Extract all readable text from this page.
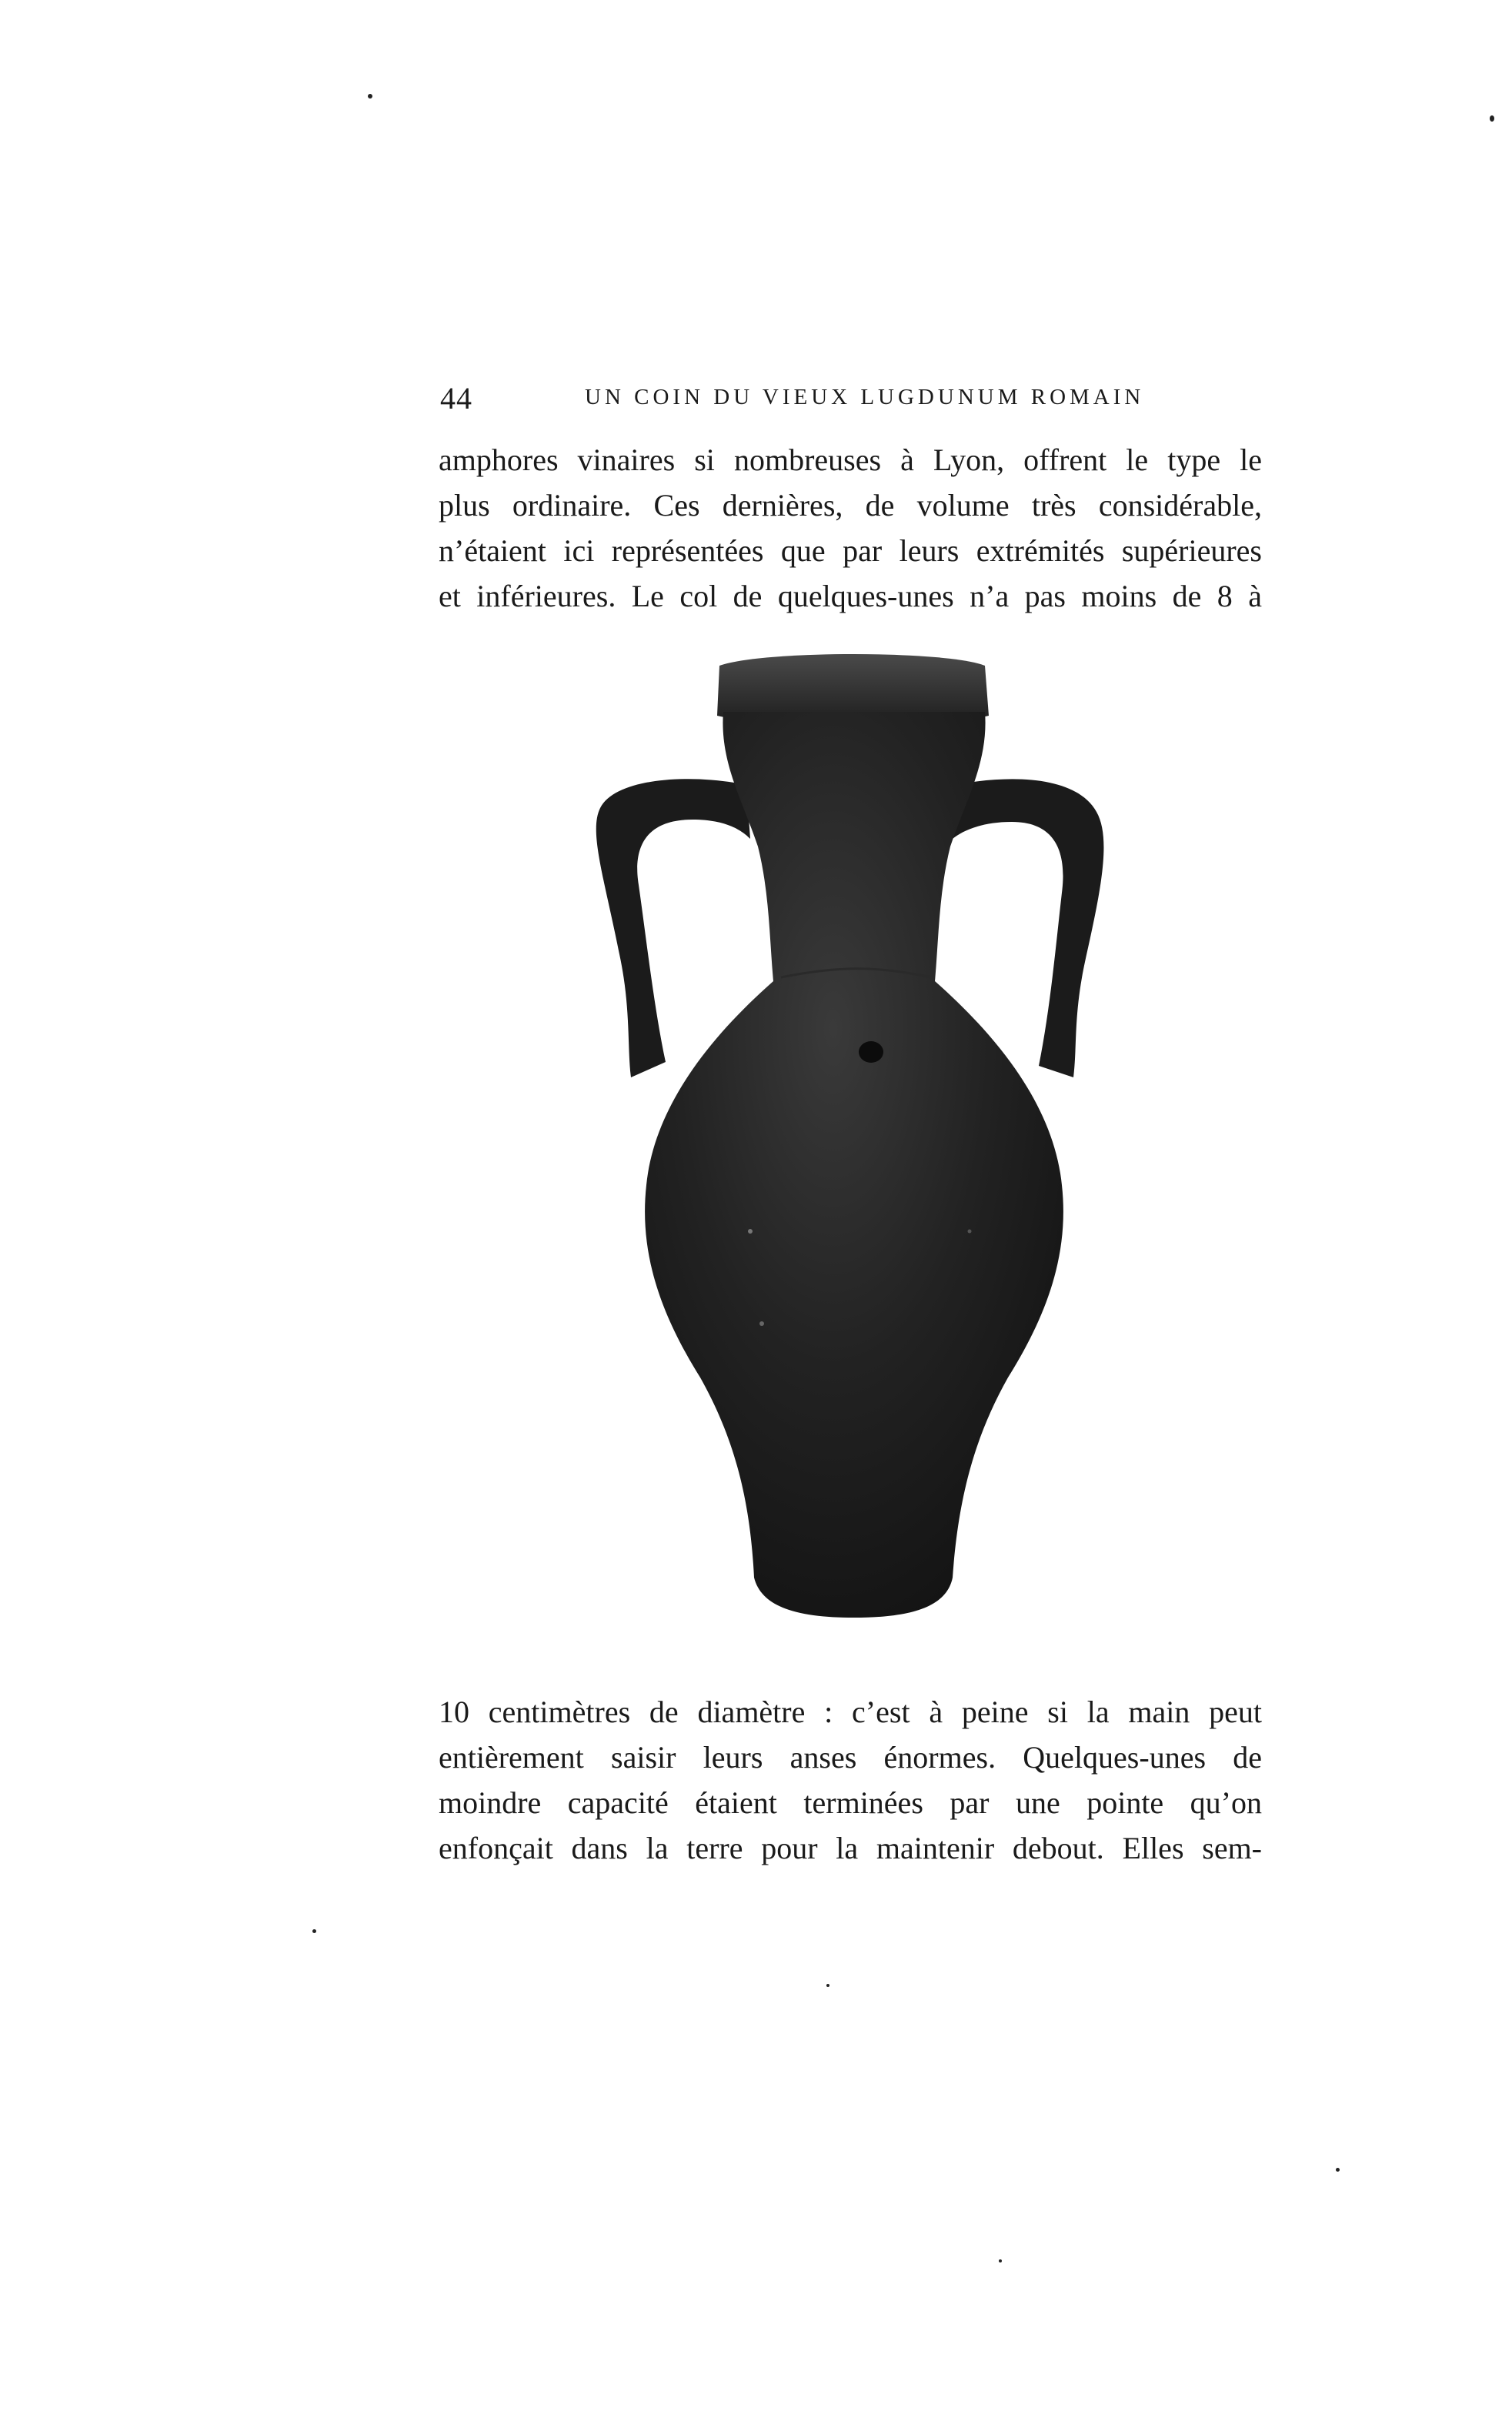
44	UN COIN DU VIEUX LUGDUNUM ROMAIN
amphores vinaires si nombreuses à Lyon, offrent le type le
plus ordinaire. Ces dernières, de volume très considérable,
n’étaient ici représentées que par leurs extrémités supérieures
et inférieures. Le col de quelques-unes n’a pas moins de 8 à
10 centimètres de diamètre : c’est à peine si la main peut
entièrement saisir leurs anses énormes. Quelques-unes de
moindre capacité étaient terminées par une pointe qu’on
enfonçait dans la terre pour la maintenir debout. Elles sem-
